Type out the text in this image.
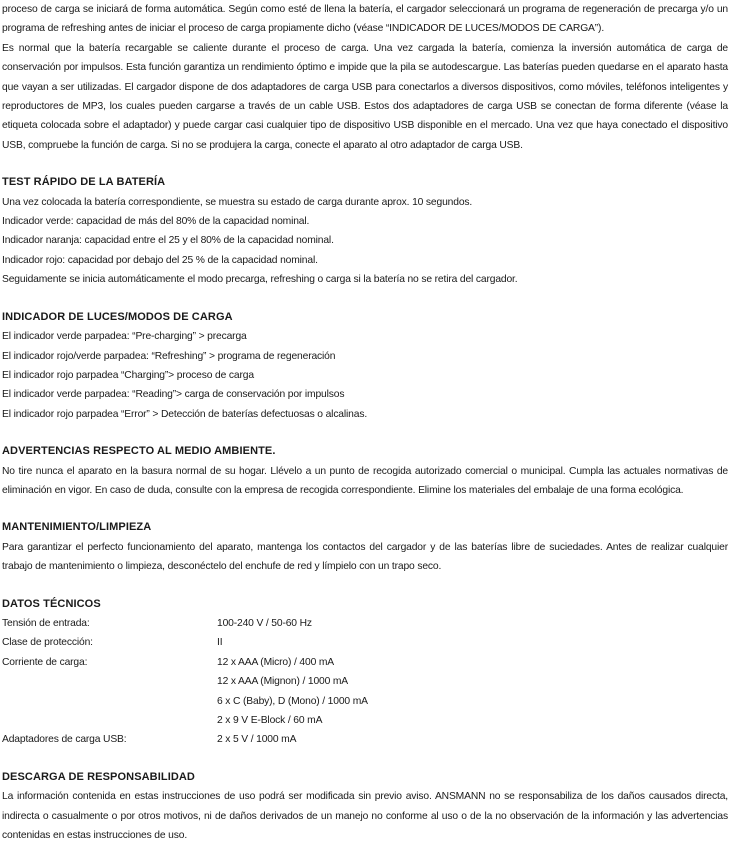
proceso de carga se iniciará de forma automática. Según como esté de llena la batería, el cargador seleccionará un programa de regeneración de precarga y/o un programa de refreshing antes de iniciar el proceso de carga propiamente dicho (véase “INDICADOR DE LUCES/MODOS DE CARGA”).

Es normal que la batería recargable se caliente durante el proceso de carga. Una vez cargada la batería, comienza la inversión automática de carga de conservación por impulsos. Esta función garantiza un rendimiento óptimo e impide que la pila se autodescargue. Las baterías pueden quedarse en el aparato hasta que vayan a ser utilizadas. El cargador dispone de dos adaptadores de carga USB para conectarlos a diversos dispositivos, como móviles, teléfonos inteligentes y reproductores de MP3, los cuales pueden cargarse a través de un cable USB. Estos dos adaptadores de carga USB se conectan de forma diferente (véase la etiqueta colocada sobre el adaptador) y puede cargar casi cualquier tipo de dispositivo USB disponible en el mercado. Una vez que haya conectado el dispositivo USB, compruebe la función de carga. Si no se produjera la carga, conecte el aparato al otro adaptador de carga USB.

TEST RÁPIDO DE LA BATERÍA

Una vez colocada la batería correspondiente, se muestra su estado de carga durante aprox. 10 segundos.

Indicador verde: capacidad de más del 80% de la capacidad nominal.

Indicador naranja: capacidad entre el 25 y el 80% de la capacidad nominal.

Indicador rojo: capacidad por debajo del 25 % de la capacidad nominal.

Seguidamente se inicia automáticamente el modo precarga, refreshing o carga si la batería no se retira del cargador.

INDICADOR DE LUCES/MODOS DE CARGA

El indicador verde parpadea: “Pre-charging” > precarga

El indicador rojo/verde parpadea: “Refreshing” > programa de regeneración

El indicador rojo parpadea “Charging”> proceso de carga

El indicador verde parpadea: “Reading”> carga de conservación por impulsos

El indicador rojo parpadea “Error” > Detección de baterías defectuosas o alcalinas.

ADVERTENCIAS RESPECTO AL MEDIO AMBIENTE.

No tire nunca el aparato en la basura normal de su hogar. Llévelo a un punto de recogida autorizado comercial o municipal. Cumpla las actuales normativas de eliminación en vigor. En caso de duda, consulte con la empresa de recogida correspondiente. Elimine los materiales del embalaje de una forma ecológica.

MANTENIMIENTO/LIMPIEZA

Para garantizar el perfecto funcionamiento del aparato, mantenga los contactos del cargador y de las baterías libre de suciedades. Antes de realizar cualquier trabajo de mantenimiento o limpieza, desconéctelo del enchufe de red y límpielo con un trapo seco.

DATOS TÉCNICOS
Tensión de entrada:	100-240 V / 50-60 Hz
Clase de protección:	II
Corriente de carga:	12 x AAA (Micro) / 400 mA
12 x AAA (Mignon) / 1000 mA
6 x C (Baby), D (Mono) / 1000 mA
2 x 9 V E-Block / 60 mA
Adaptadores de carga USB:	2 x 5 V / 1000 mA
DESCARGA DE RESPONSABILIDAD

La información contenida en estas instrucciones de uso podrá ser modificada sin previo aviso. ANSMANN no se responsabiliza de los daños causados directa, indirecta o casualmente o por otros motivos, ni de daños derivados de un manejo no conforme al uso o de la no observación de la información y las advertencias contenidas en estas instrucciones de uso.
